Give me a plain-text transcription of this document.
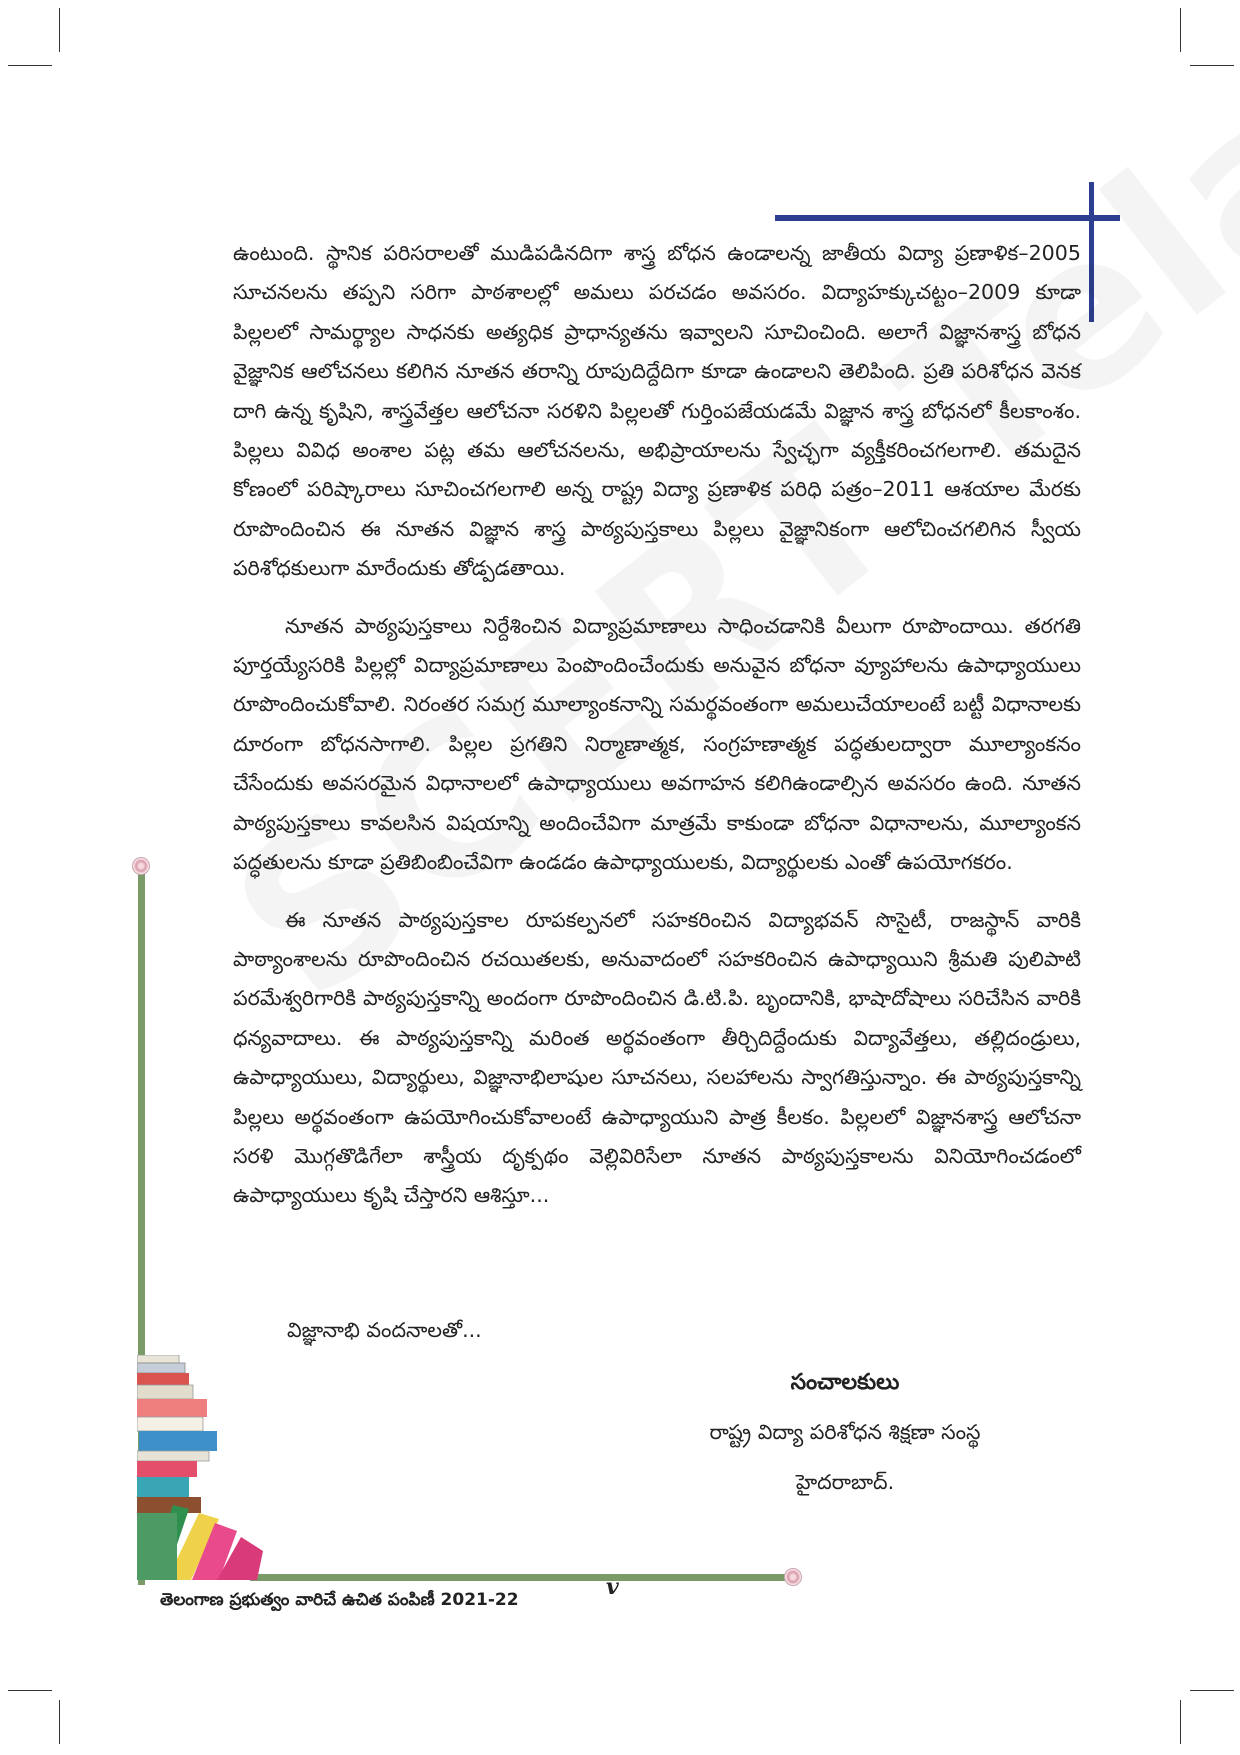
ఉంటుంది. స్థానిక పరిసరాలతో ముడిపడినదిగా శాస్త్ర బోధన ఉండాలన్న జాతీయ విద్యా ప్రణాళిక–2005 సూచనలను తప్పని సరిగా పాఠశాలల్లో అమలు పరచడం అవసరం. విద్యాహక్కుచట్టం–2009 కూడా పిల్లలలో సామర్థ్యాల సాధనకు అత్యధిక ప్రాధాన్యతను ఇవ్వాలని సూచించింది. అలాగే విజ్ఞానశాస్త్ర బోధన వైజ్ఞానిక ఆలోచనలు కలిగిన నూతన తరాన్ని రూపుదిద్దేదిగా కూడా ఉండాలని తెలిపింది. ప్రతి పరిశోధన వెనక దాగి ఉన్న కృషిని, శాస్త్రవేత్తల ఆలోచనా సరళిని పిల్లలతో గుర్తింపజేయడమే విజ్ఞాన శాస్త్ర బోధనలో కీలకాంశం. పిల్లలు వివిధ అంశాల పట్ల తమ ఆలోచనలను, అభిప్రాయాలను స్వేచ్ఛగా వ్యక్తీకరించగలగాలి. తమదైన కోణంలో పరిష్కారాలు సూచించగలగాలి అన్న రాష్ట్ర విద్యా ప్రణాళిక పరిధి పత్రం–2011 ఆశయాల మేరకు రూపొందించిన ఈ నూతన విజ్ఞాన శాస్త్ర పాఠ్యపుస్తకాలు పిల్లలు వైజ్ఞానికంగా ఆలోచించగలిగిన స్వీయ పరిశోధకులుగా మారేందుకు తోడ్పడతాయి.

నూతన పాఠ్యపుస్తకాలు నిర్దేశించిన విద్యాప్రమాణాలు సాధించడానికి వీలుగా రూపొందాయి. తరగతి పూర్తయ్యేసరికి పిల్లల్లో విద్యాప్రమాణాలు పెంపొందించేందుకు అనువైన బోధనా వ్యూహాలను ఉపాధ్యాయులు రూపొందించుకోవాలి. నిరంతర సమగ్ర మూల్యాంకనాన్ని సమర్థవంతంగా అమలుచేయాలంటే బట్టీ విధానాలకు దూరంగా బోధనసాగాలి. పిల్లల ప్రగతిని నిర్మాణాత్మక, సంగ్రహణాత్మక పద్ధతులద్వారా మూల్యాంకనం చేసేందుకు అవసరమైన విధానాలలో ఉపాధ్యాయులు అవగాహన కలిగిఉండాల్సిన అవసరం ఉంది. నూతన పాఠ్యపుస్తకాలు కావలసిన విషయాన్ని అందించేవిగా మాత్రమే కాకుండా బోధనా విధానాలను, మూల్యాంకన పద్ధతులను కూడా ప్రతిబింబించేవిగా ఉండడం ఉపాధ్యాయులకు, విద్యార్థులకు ఎంతో ఉపయోగకరం.

ఈ నూతన పాఠ్యపుస్తకాల రూపకల్పనలో సహకరించిన విద్యాభవన్ సొసైటీ, రాజస్థాన్ వారికి పాఠ్యాంశాలను రూపొందించిన రచయితలకు, అనువాదంలో సహకరించిన ఉపాధ్యాయిని శ్రీమతి పులిపాటి పరమేశ్వరిగారికి పాఠ్యపుస్తకాన్ని అందంగా రూపొందించిన డి.టి.పి. బృందానికి, భాషాదోషాలు సరిచేసిన వారికి ధన్యవాదాలు. ఈ పాఠ్యపుస్తకాన్ని మరింత అర్థవంతంగా తీర్చిదిద్దేందుకు విద్యావేత్తలు, తల్లిదండ్రులు, ఉపాధ్యాయులు, విద్యార్థులు, విజ్ఞానాభిలాషుల సూచనలు, సలహాలను స్వాగతిస్తున్నాం. ఈ పాఠ్యపుస్తకాన్ని పిల్లలు అర్థవంతంగా ఉపయోగించుకోవాలంటే ఉపాధ్యాయుని పాత్ర కీలకం. పిల్లలలో విజ్ఞానశాస్త్ర ఆలోచనా సరళి మొగ్గతొడిగేలా శాస్త్రీయ దృక్పథం వెల్లివిరిసేలా నూతన పాఠ్యపుస్తకాలను వినియోగించడంలో ఉపాధ్యాయులు కృషి చేస్తారని ఆశిస్తూ...

విజ్ఞానాభి వందనాలతో...
సంచాలకులు
రాష్ట్ర విద్యా పరిశోధన శిక్షణా సంస్థ
హైదరాబాద్.
తెలంగాణ ప్రభుత్వం వారిచే ఉచిత పంపిణీ 2021-22	v
